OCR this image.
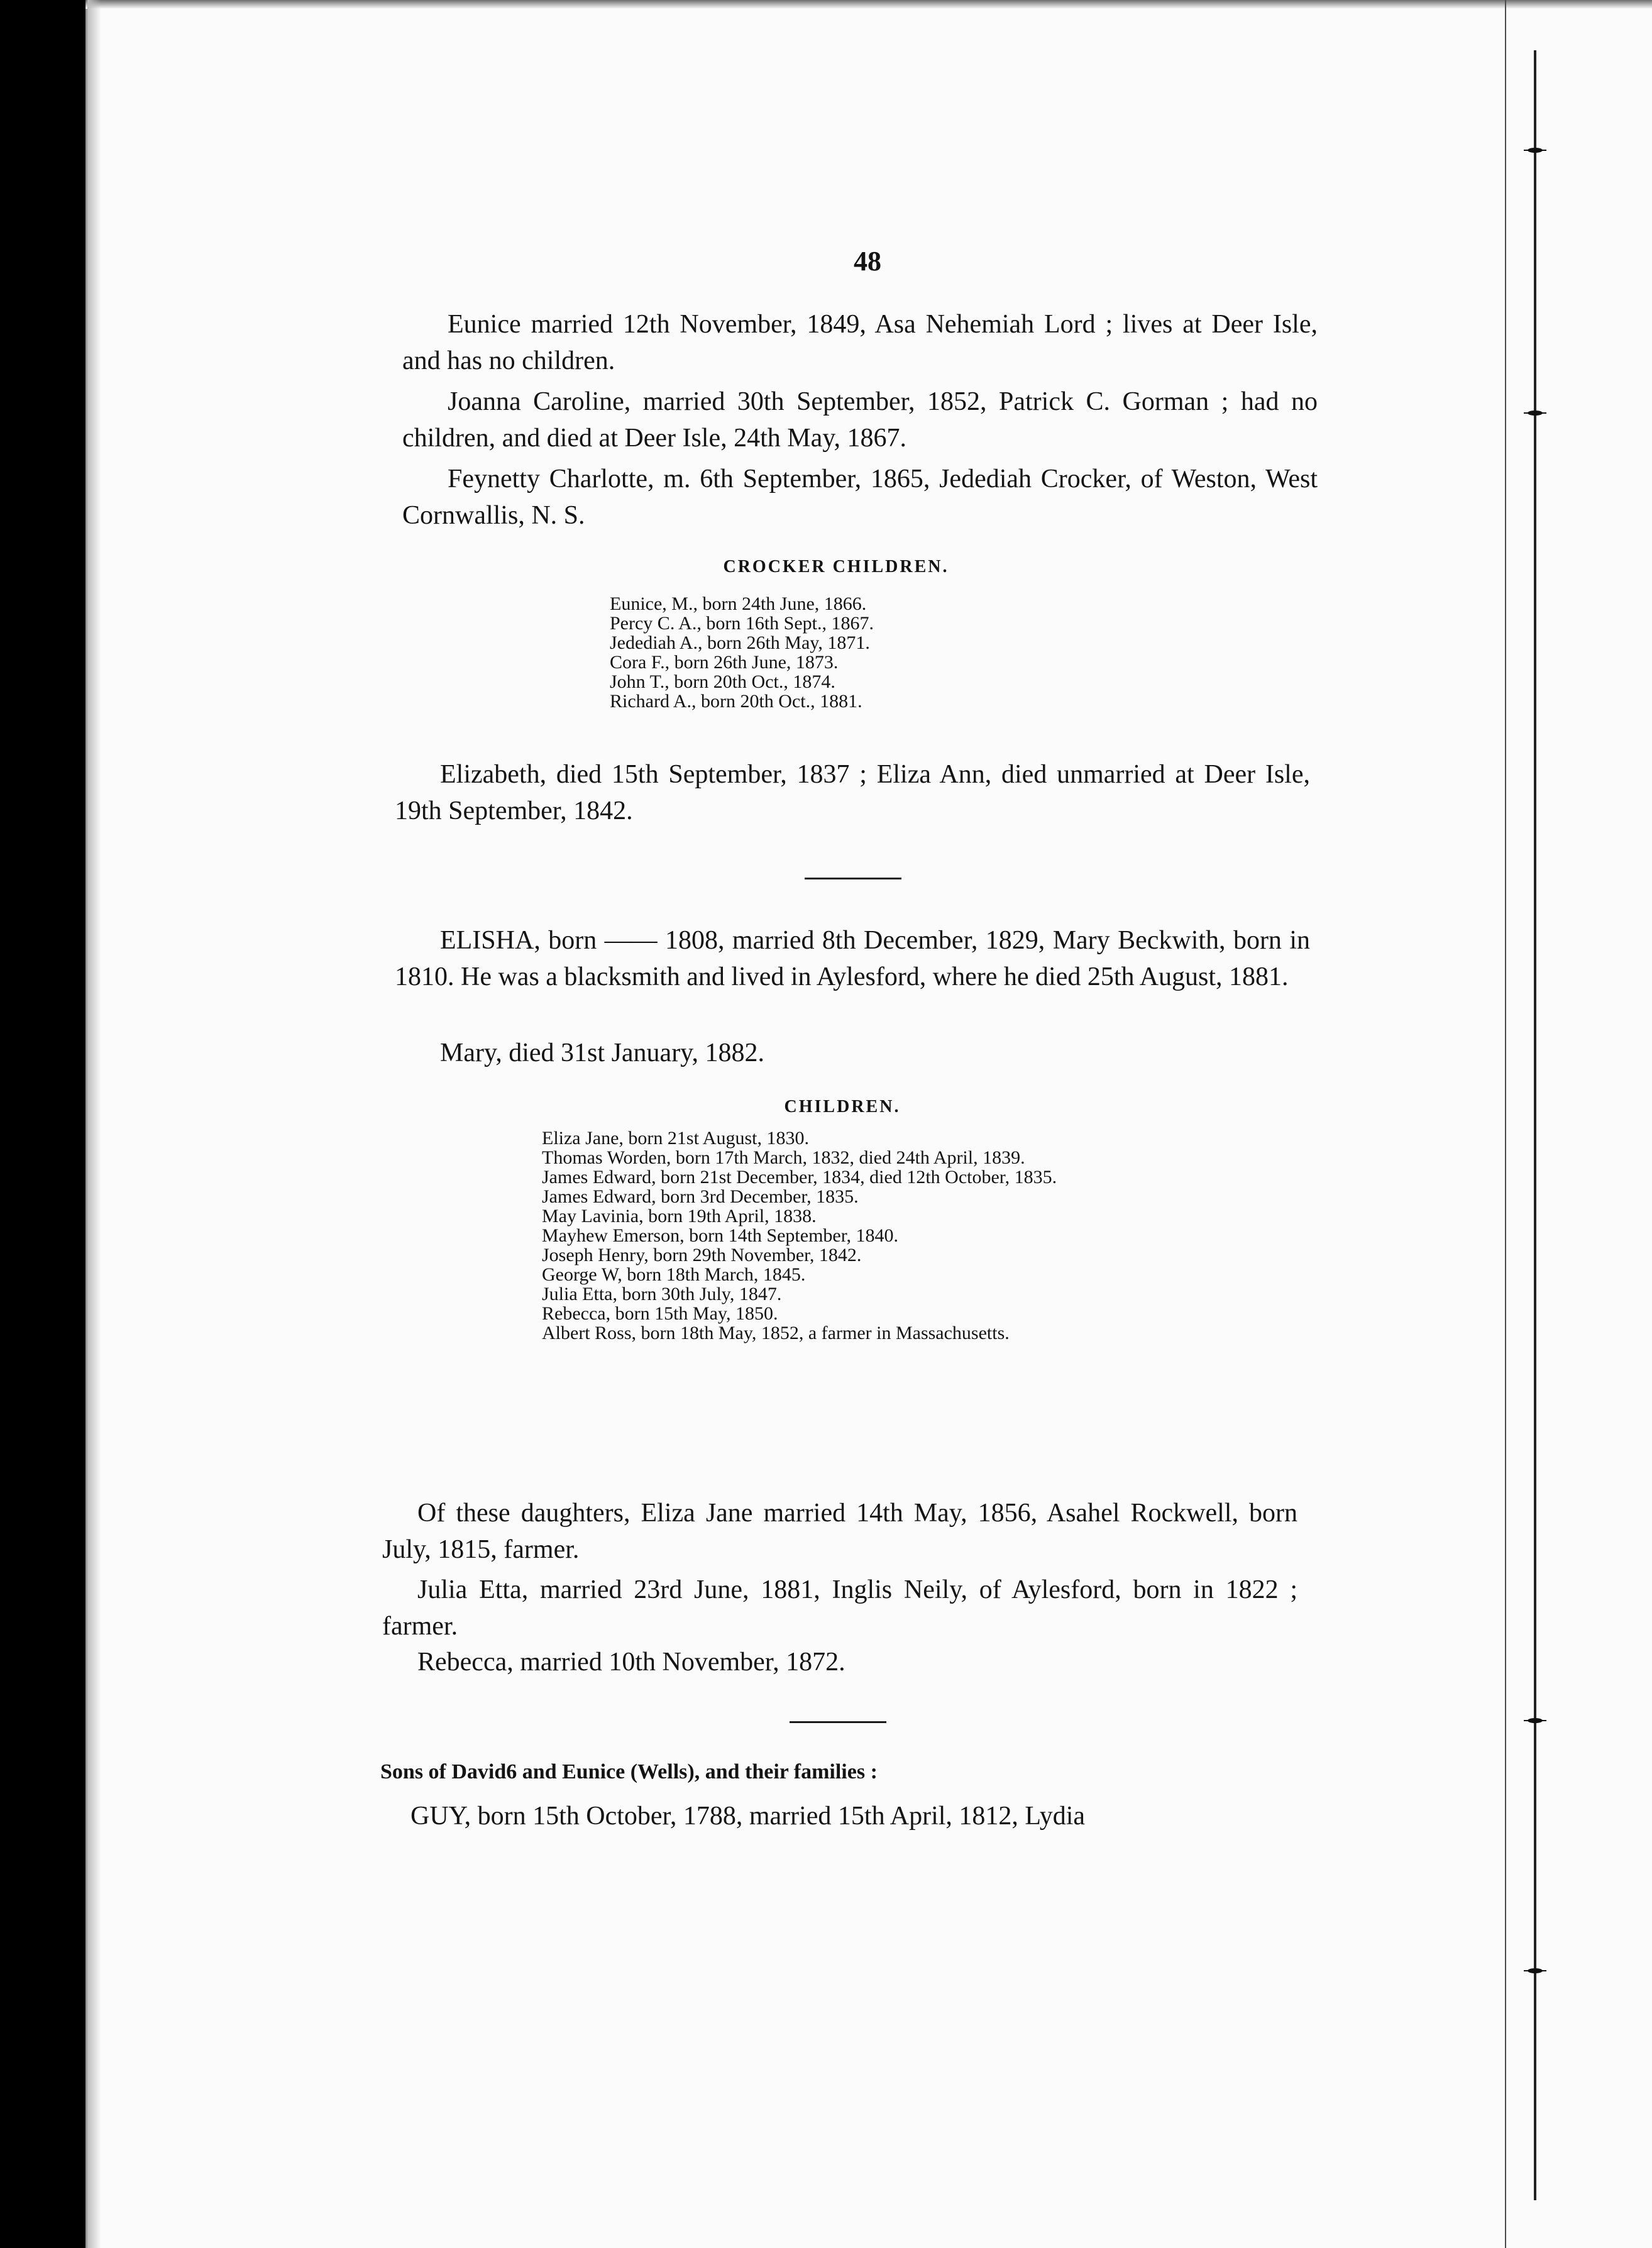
48

Eunice married 12th November, 1849, Asa Nehemiah Lord ; lives at Deer Isle, and has no children.

Joanna Caroline, married 30th September, 1852, Patrick C. Gorman ; had no children, and died at Deer Isle, 24th May, 1867.

Feynetty Charlotte, m. 6th September, 1865, Jedediah Crocker, of Weston, West Cornwallis, N. S.

CROCKER CHILDREN.
Eunice, M., born 24th June, 1866.
Percy C. A., born 16th Sept., 1867.
Jedediah A., born 26th May, 1871.
Cora F., born 26th June, 1873.
John T., born 20th Oct., 1874.
Richard A., born 20th Oct., 1881.

Elizabeth, died 15th September, 1837 ; Eliza Ann, died unmarried at Deer Isle, 19th September, 1842.

ELISHA, born —— 1808, married 8th December, 1829, Mary Beckwith, born in 1810. He was a blacksmith and lived in Aylesford, where he died 25th August, 1881.

Mary, died 31st January, 1882.

CHILDREN.
Eliza Jane, born 21st August, 1830.
Thomas Worden, born 17th March, 1832, died 24th April, 1839.
James Edward, born 21st December, 1834, died 12th October, 1835.
James Edward, born 3rd December, 1835.
May Lavinia, born 19th April, 1838.
Mayhew Emerson, born 14th September, 1840.
Joseph Henry, born 29th November, 1842.
George W, born 18th March, 1845.
Julia Etta, born 30th July, 1847.
Rebecca, born 15th May, 1850.
Albert Ross, born 18th May, 1852, a farmer in Massachusetts.

Of these daughters, Eliza Jane married 14th May, 1856, Asahel Rockwell, born July, 1815, farmer.

Julia Etta, married 23rd June, 1881, Inglis Neily, of Aylesford, born in 1822 ; farmer.

Rebecca, married 10th November, 1872.

Sons of David6 and Eunice (Wells), and their families :

GUY, born 15th October, 1788, married 15th April, 1812, Lydia
